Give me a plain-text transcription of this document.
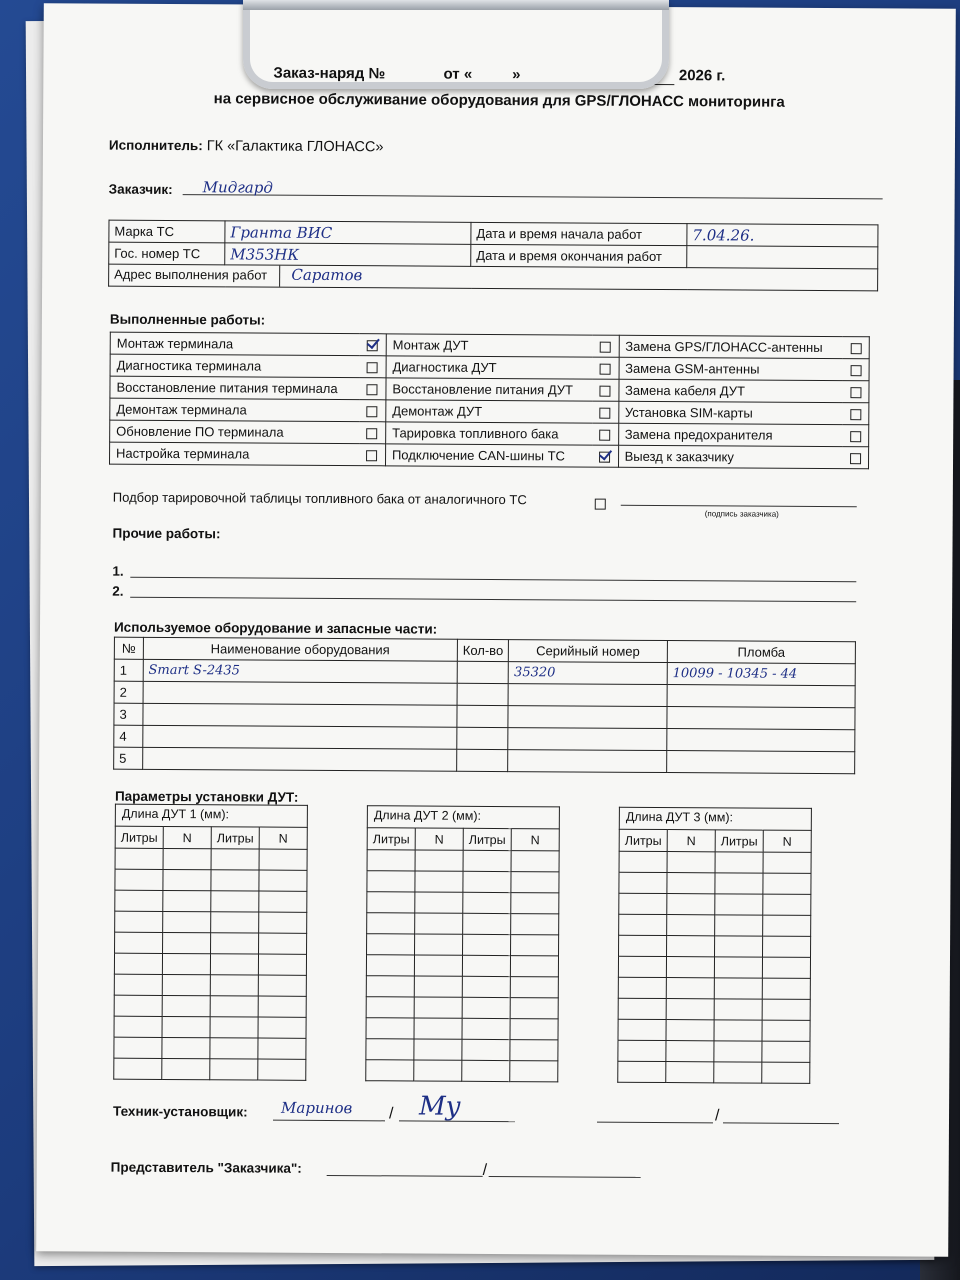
Заказ-наряд №	от «	»	2026 г.
на сервисное обслуживание оборудования для GPS/ГЛОНАСС мониторинга
Исполнитель: ГК «Галактика ГЛОНАСС»
Заказчик: Мидгард
Марка ТС	Гранта ВИС	Дата и время начала работ	7.04.26.
Гос. номер ТС	М353НК	Дата и время окончания работ	
Адрес выполнения работ Саратов			
Выполненные работы:
Монтаж терминала		Монтаж ДУТ		Замена GPS/ГЛОНАСС-антенны	
Диагностика терминала		Диагностика ДУТ		Замена GSM-антенны	
Восстановление питания терминала		Восстановление питания ДУТ		Замена кабеля ДУТ	
Демонтаж терминала		Демонтаж ДУТ		Установка SIM-карты	
Обновление ПО терминала		Тарировка топливного бака		Замена предохранителя	
Настройка терминала		Подключение CAN-шины ТС		Выезд к заказчику	
Подбор тарировочной таблицы топливного бака от аналогичного ТС
(подпись заказчика)
Прочие работы:
1.
2.
Используемое оборудование и запасные части:
№	Наименование оборудования	Кол-во	Серийный номер	Пломба
1	Smart S-2435		35320	10099 - 10345 - 44
2				
3				
4				
5				
Параметры установки ДУТ:
Длина ДУТ 1 (мм):
Литры	N	Литры	N

Длина ДУТ 2 (мм):
Литры	N	Литры	N

Длина ДУТ 3 (мм):
Литры	N	Литры	N

Техник-установщик: Маринов / Му	/
Представитель "Заказчика":	/
